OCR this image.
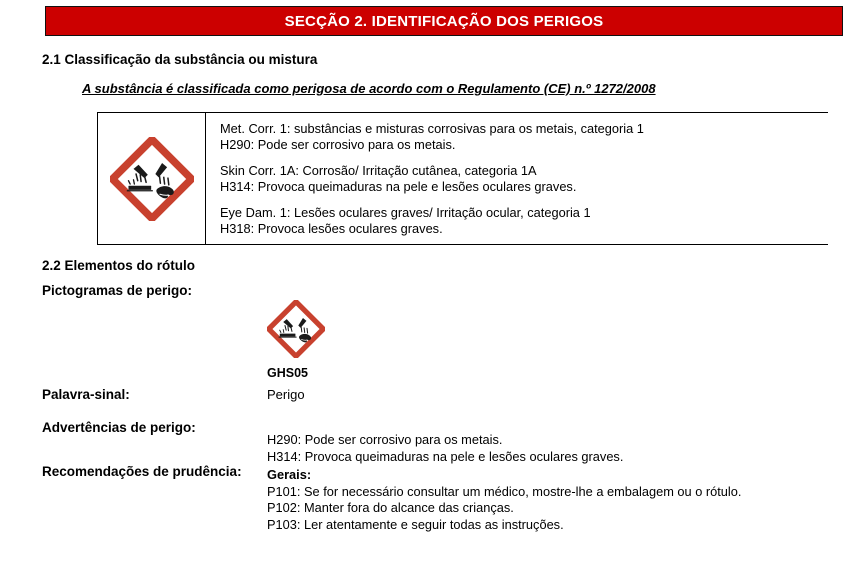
SECÇÃO 2. IDENTIFICAÇÃO DOS PERIGOS
2.1 Classificação da substância ou mistura
A substância é classificada como perigosa de acordo com o Regulamento (CE) n.º 1272/2008
Met. Corr. 1: substâncias e misturas corrosivas para os metais, categoria 1
H290: Pode ser corrosivo para os metais.
Skin Corr. 1A: Corrosão/ Irritação cutânea, categoria 1A
H314: Provoca queimaduras na pele e lesões oculares graves.
Eye Dam. 1: Lesões oculares graves/ Irritação ocular, categoria 1
H318: Provoca lesões oculares graves.
2.2 Elementos do rótulo
Pictogramas de perigo:
GHS05
Palavra-sinal:	Perigo
Advertências de perigo:
H290: Pode ser corrosivo para os metais.
H314: Provoca queimaduras na pele e lesões oculares graves.
Recomendações de prudência: Gerais:
P101: Se for necessário consultar um médico, mostre-lhe a embalagem ou o rótulo.
P102: Manter fora do alcance das crianças.
P103: Ler atentamente e seguir todas as instruções.
